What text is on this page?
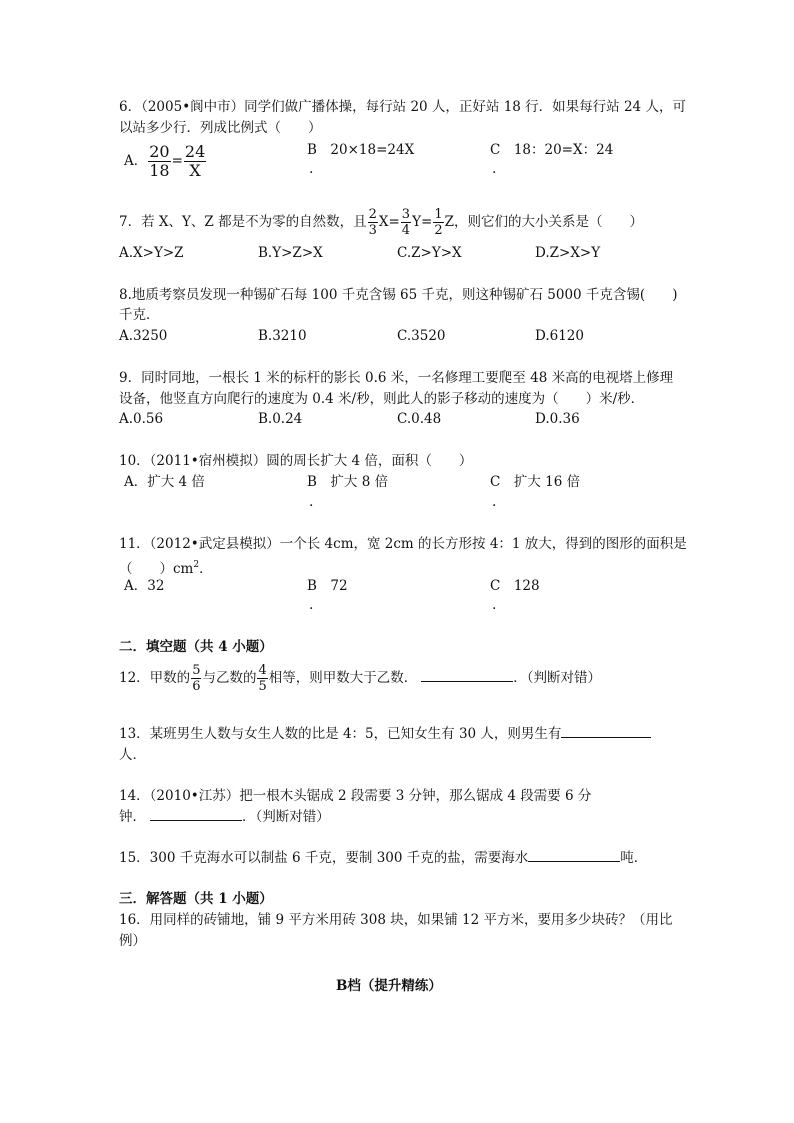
6．（2005•阆中市）同学们做广播体操，每行站 20 人，正好站 18 行．如果每行站 24 人，可
以站多少行．列成比例式（　　）
A． $\frac{20}{18} = \frac{24}{X}$	B　20×18=24X
.
C　18：20=X：24
.
7．若 X、Y、Z 都是不为零的自然数，且 $\frac{2}{3} X= \frac{3}{4} Y= \frac{1}{2}$ Z，则它们的大小关系是（　　）
A.X>Y>Z	B.Y>Z>X	C.Z>Y>X	D.Z>X>Y
8.地质考察员发现一种锡矿石每 100 千克含锡 65 千克，则这种锡矿石 5000 千克含锡(　　)
千克．
A.3250	B.3210	C.3520	D.6120
9．同时同地，一根长 1 米的标杆的影长 0.6 米，一名修理工要爬至 48 米高的电视塔上修理
设备，他竖直方向爬行的速度为 0.4 米/秒，则此人的影子移动的速度为（　　）米/秒．
A.0.56	B.0.24	C.0.48	D.0.36
10．（2011•宿州模拟）圆的周长扩大 4 倍，面积（　　）
A．扩大 4 倍	B　扩大 8 倍
.
C　扩大 16 倍
.
11．（2012•武定县模拟）一个长 4cm，宽 2cm 的长方形按 4：1 放大，得到的图形的面积是
（　　）$cm^2$．
A．32	B　72
.
C　128
.
二．填空题（共 4 小题）
12．甲数的 $\frac{5}{6}$ 与乙数的 $\frac{4}{5}$ 相等，则甲数大于乙数．	．（判断对错）
13．某班男生人数与女生人数的比是 4：5，已知女生有 30 人，则男生有
人．
14．（2010•江苏）把一根木头锯成 2 段需要 3 分钟，那么锯成 4 段需要 6 分
钟．	．（判断对错）
15．300 千克海水可以制盐 6 千克，要制 300 千克的盐，需要海水	吨．
三．解答题（共 1 小题）
16．用同样的砖铺地，铺 9 平方米用砖 308 块，如果铺 12 平方米，要用多少块砖？（用比
例）
B档（提升精练）
